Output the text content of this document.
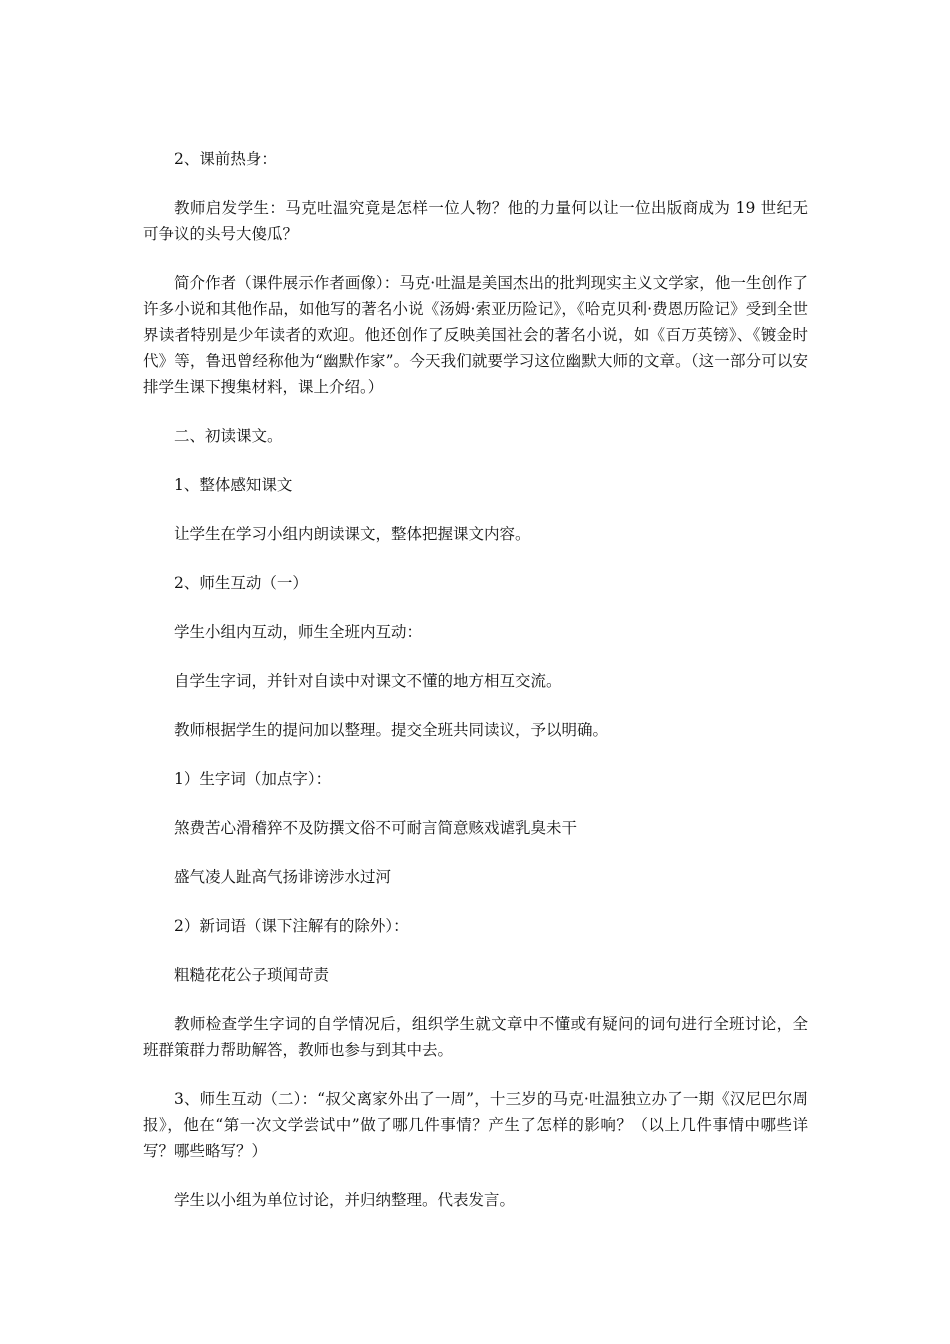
2、课前热身：

教师启发学生：马克吐温究竟是怎样一位人物？他的力量何以让一位出版商成为 19 世纪无可争议的头号大傻瓜？

简介作者（课件展示作者画像）：马克·吐温是美国杰出的批判现实主义文学家，他一生创作了许多小说和其他作品，如他写的著名小说《汤姆·索亚历险记》，《哈克贝利·费恩历险记》受到全世界读者特别是少年读者的欢迎。他还创作了反映美国社会的著名小说，如《百万英镑》、《镀金时代》等，鲁迅曾经称他为“幽默作家”。今天我们就要学习这位幽默大师的文章。（这一部分可以安排学生课下搜集材料，课上介绍。）

二、初读课文。

1、整体感知课文

让学生在学习小组内朗读课文，整体把握课文内容。

2、师生互动（一）

学生小组内互动，师生全班内互动：

自学生字词，并针对自读中对课文不懂的地方相互交流。

教师根据学生的提问加以整理。提交全班共同读议，予以明确。

1）生字词（加点字）：

煞费苦心滑稽猝不及防撰文俗不可耐言简意赅戏谑乳臭未干

盛气凌人趾高气扬诽谤涉水过河

2）新词语（课下注解有的除外）：

粗糙花花公子琐闻苛责

教师检查学生字词的自学情况后，组织学生就文章中不懂或有疑问的词句进行全班讨论，全班群策群力帮助解答，教师也参与到其中去。

3、师生互动（二）：“叔父离家外出了一周”，十三岁的马克·吐温独立办了一期《汉尼巴尔周报》，他在“第一次文学尝试中”做了哪几件事情？产生了怎样的影响？（以上几件事情中哪些详写？哪些略写？）

学生以小组为单位讨论，并归纳整理。代表发言。
